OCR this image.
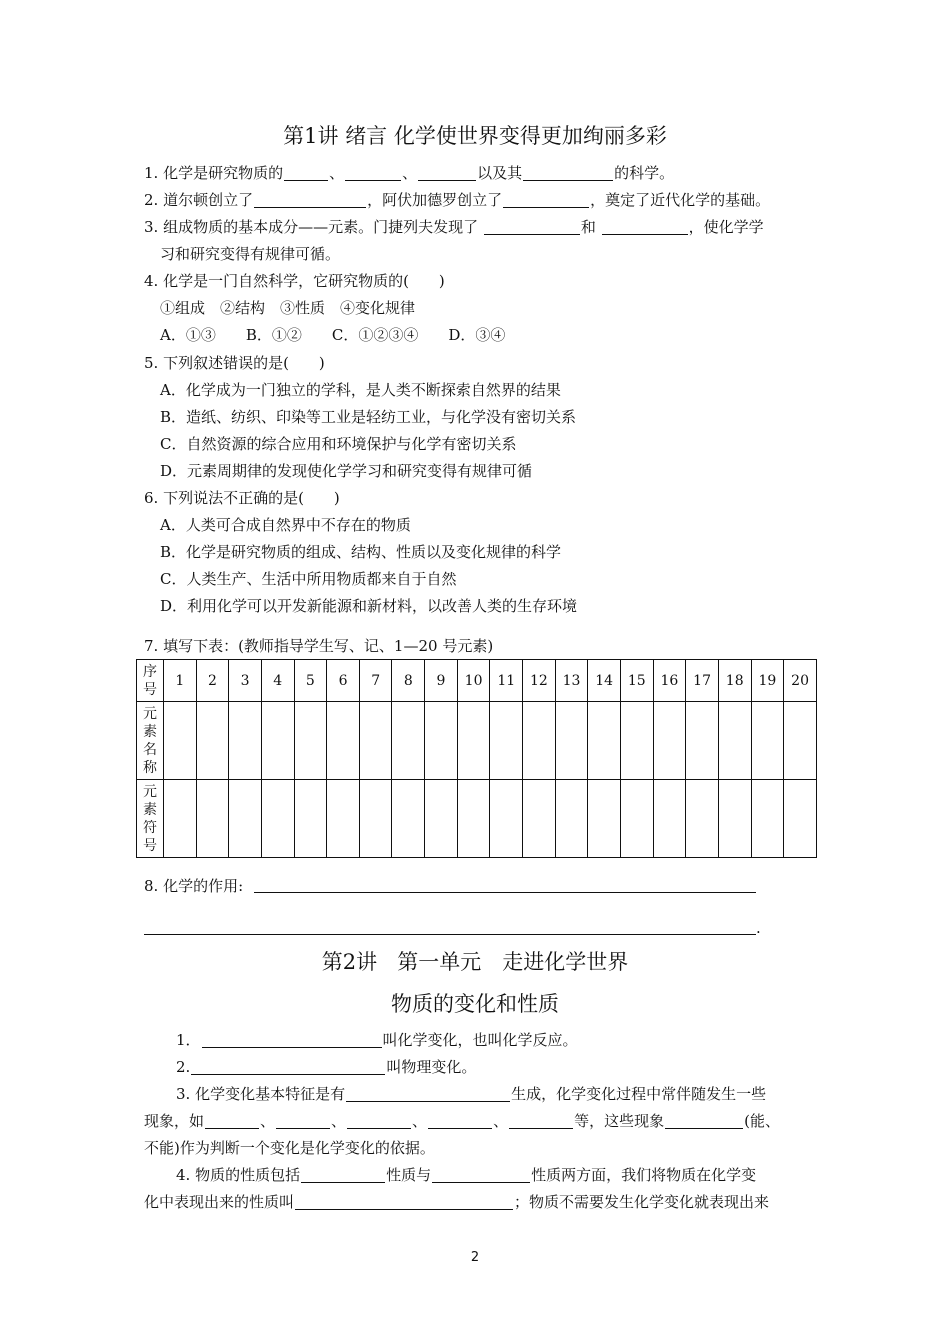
第1讲 绪言 化学使世界变得更加绚丽多彩
1. 化学是研究物质的	、	、	以及其	的科学。
2. 道尔顿创立了	，阿伏加德罗创立了	，奠定了近代化学的基础。
3. 组成物质的基本成分——元素。门捷列夫发现了	和	，使化学学
习和研究变得有规律可循。
4. 化学是一门自然科学，它研究物质的(　　)
①组成　②结构　③性质　④变化规律
A．①③　　B．①②　　C．①②③④　　D．③④
5. 下列叙述错误的是(　　)
A．化学成为一门独立的学科，是人类不断探索自然界的结果
B．造纸、纺织、印染等工业是轻纺工业，与化学没有密切关系
C．自然资源的综合应用和环境保护与化学有密切关系
D．元素周期律的发现使化学学习和研究变得有规律可循
6. 下列说法不正确的是(　　)
A．人类可合成自然界中不存在的物质
B．化学是研究物质的组成、结构、性质以及变化规律的科学
C．人类生产、生活中所用物质都来自于自然
D．利用化学可以开发新能源和新材料，以改善人类的生存环境
7. 填写下表：(教师指导学生写、记、1—20 号元素)
序号	1	2	3	4	5	6	7	8	9	10	11	12	13	14	15	16	17	18	19	20
元素名称																				
元素符号																				
8. 化学的作用:
.
第2讲 第一单元　走进化学世界
物质的变化和性质
1．	叫化学变化，也叫化学反应。
2.	叫物理变化。
3. 化学变化基本特征是有	生成，化学变化过程中常伴随发生一些
现象，如	、	、	、	、	等，这些现象	(能、
不能)作为判断一个变化是化学变化的依据。
4. 物质的性质包括	性质与	性质两方面，我们将物质在化学变
化中表现出来的性质叫	；物质不需要发生化学变化就表现出来
2
